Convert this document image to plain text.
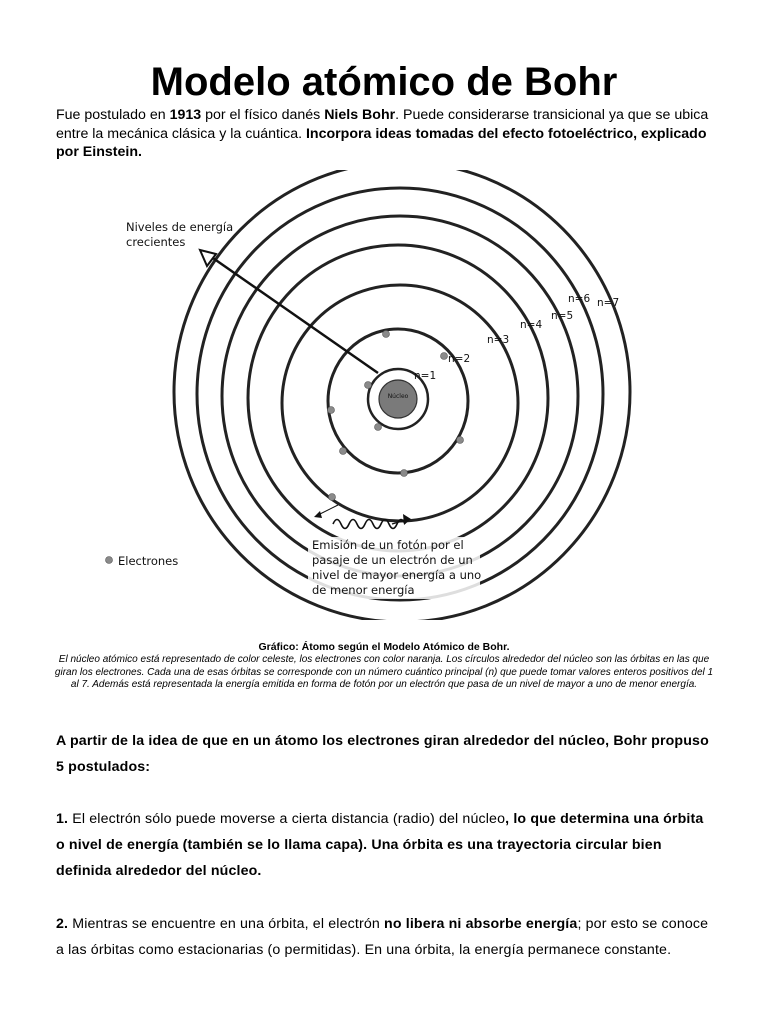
Modelo atómico de Bohr

Fue postulado en 1913 por el físico danés Niels Bohr. Puede considerarse transicional ya que se ubica entre la mecánica clásica y la cuántica. Incorpora ideas tomadas del efecto fotoeléctrico, explicado por Einstein.

Núcleo
Niveles de energía
crecientes
n=1
n=2
n=3
n=4
n=5
n=6 n=7
Electrones
Emisión de un fotón por el
pasaje de un electrón de un
nivel de mayor energía a uno
de menor energía

Gráfico: Átomo según el Modelo Atómico de Bohr.

El núcleo atómico está representado de color celeste, los electrones con color naranja. Los círculos alrededor del núcleo son las órbitas en las que giran los electrones. Cada una de esas órbitas se corresponde con un número cuántico principal (n) que puede tomar valores enteros positivos del 1 al 7. Además está representada la energía emitida en forma de fotón por un electrón que pasa de un nivel de mayor a uno de menor energía.

A partir de la idea de que en un átomo los electrones giran alrededor del núcleo, Bohr propuso 5 postulados:

1. El electrón sólo puede moverse a cierta distancia (radio) del núcleo, lo que determina una órbita o nivel de energía (también se lo llama capa). Una órbita es una trayectoria circular bien definida alrededor del núcleo.

2. Mientras se encuentre en una órbita, el electrón no libera ni absorbe energía; por esto se conoce a las órbitas como estacionarias (o permitidas). En una órbita, la energía permanece constante.
